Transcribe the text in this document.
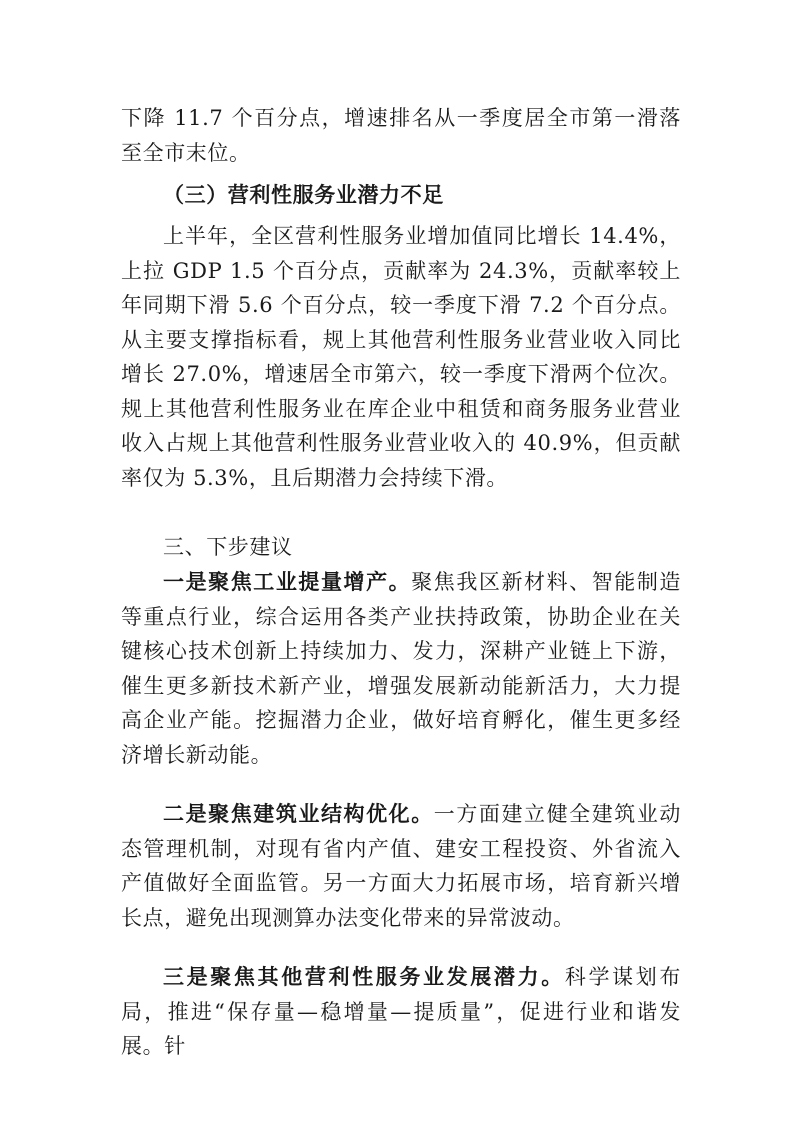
下降 11.7 个百分点，增速排名从一季度居全市第一滑落至全市末位。

（三）营利性服务业潜力不足

上半年，全区营利性服务业增加值同比增长 14.4%，上拉 GDP 1.5 个百分点，贡献率为 24.3%，贡献率较上年同期下滑 5.6 个百分点，较一季度下滑 7.2 个百分点。从主要支撑指标看，规上其他营利性服务业营业收入同比增长 27.0%，增速居全市第六，较一季度下滑两个位次。规上其他营利性服务业在库企业中租赁和商务服务业营业收入占规上其他营利性服务业营业收入的 40.9%，但贡献率仅为 5.3%，且后期潜力会持续下滑。

三、下步建议

一是聚焦工业提量增产。聚焦我区新材料、智能制造等重点行业，综合运用各类产业扶持政策，协助企业在关键核心技术创新上持续加力、发力，深耕产业链上下游，催生更多新技术新产业，增强发展新动能新活力，大力提高企业产能。挖掘潜力企业，做好培育孵化，催生更多经济增长新动能。

二是聚焦建筑业结构优化。一方面建立健全建筑业动态管理机制，对现有省内产值、建安工程投资、外省流入产值做好全面监管。另一方面大力拓展市场，培育新兴增长点，避免出现测算办法变化带来的异常波动。

三是聚焦其他营利性服务业发展潜力。科学谋划布局，推进“保存量—稳增量—提质量”，促进行业和谐发展。针
